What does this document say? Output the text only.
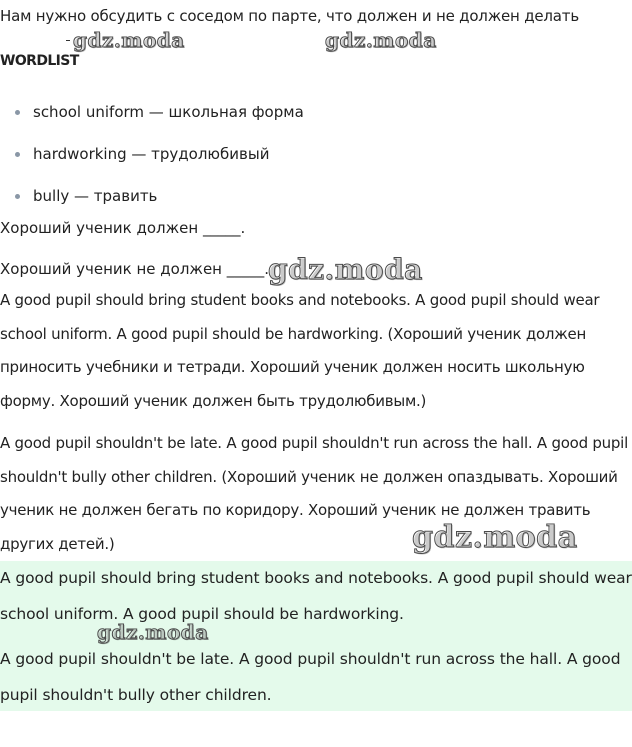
Нам нужно обсудить с соседом по парте, что должен и не должен делать
WORDLIST
school uniform — школьная форма
hardworking — трудолюбивый
bully — травить
Хороший ученик должен _____.
Хороший ученик не должен _____.

A good pupil should bring student books and notebooks. A good pupil should wear school uniform. A good pupil should be hardworking. (Хороший ученик должен приносить учебники и тетради. Хороший ученик должен носить школьную форму. Хороший ученик должен быть трудолюбивым.)

A good pupil shouldn't be late. A good pupil shouldn't run across the hall. A good pupil shouldn't bully other children. (Хороший ученик не должен опаздывать. Хороший ученик не должен бегать по коридору. Хороший ученик не должен травить других детей.)

A good pupil should bring student books and notebooks. A good pupil should wear school uniform. A good pupil should be hardworking.

A good pupil shouldn't be late. A good pupil shouldn't run across the hall. A good pupil shouldn't bully other children.

gdz.moda	gdz.moda
gdz.moda
gdz.moda
gdz.moda
